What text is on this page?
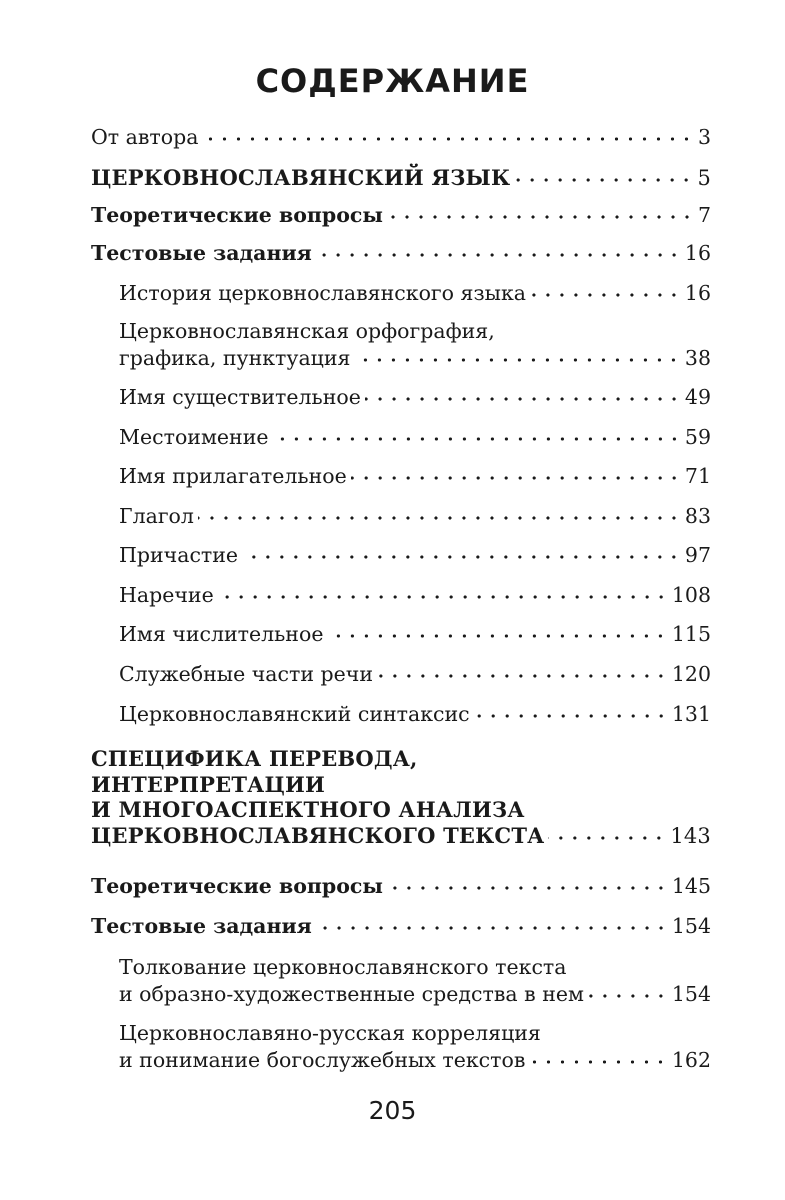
СОДЕРЖАНИЕ
От автора	3
ЦЕРКОВНОСЛАВЯНСКИЙ ЯЗЫК	5
Теоретические вопросы	7
Тестовые задания	16
История церковнославянского языка	16
Церковнославянская орфография,
графика, пунктуация	38
Имя существительное	49
Местоимение	59
Имя прилагательное	71
Глагол	83
Причастие	97
Наречие	108
Имя числительное	115
Служебные части речи	120
Церковнославянский синтаксис	131
СПЕЦИФИКА ПЕРЕВОДА,
ИНТЕРПРЕТАЦИИ
И МНОГОАСПЕКТНОГО АНАЛИЗА
ЦЕРКОВНОСЛАВЯНСКОГО ТЕКСТА	143
Теоретические вопросы	145
Тестовые задания	154
Толкование церковнославянского текста
и образно-художественные средства в нем	154
Церковнославяно-русская корреляция
и понимание богослужебных текстов	162
205
